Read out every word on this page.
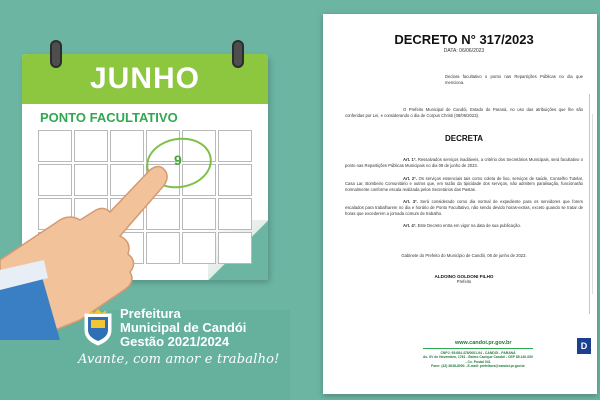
JUNHO
PONTO FACULTATIVO
9
Prefeitura
Municipal de Candói
Gestão 2021/2024
Avante, com amor e trabalho!
DECRETO N° 317/2023
DATA: 06/06/2023

Declara facultativo o ponto nas Repartições Públicas no dia que menciona.

O Prefeito Municipal de Candói, Estado do Paraná, no uso das atribuições que lhe são conferidas por Lei, e considerando o dia de Corpus Christi (08/06/2023).

DECRETA

Art. 1º. Ressalvados serviços inadiáveis, a critério dos Secretários Municipais, será facultativo o ponto nas Repartições Públicas Municipais no dia 09 de junho de 2023.

Art. 2º. Os serviços essenciais tais como coleta de lixo, serviços de saúde, Conselho Tutelar, Casa Lar, Bombeiro Comunitário e outros que, em razão da tipicidade dos serviços, não admitem paralisação, funcionarão normalmente conforme escala realizada pelos Secretários das Pastas.

Art. 3º. Será considerado como dia normal de expediente para os servidores que forem escalados para trabalharem no dia e horário de Ponto Facultativo, não sendo devido horas-extras, exceto quando se tratar de horas que excederem a jornada comum de trabalho.

Art. 4º. Este Decreto entra em vigor na data de sua publicação.

Gabinete do Prefeito do Município de Candói, 06 de junho de 2023.

ALDOINO GOLDONI FILHO
Prefeito
www.candoi.pr.gov.br
CNPJ: 95.684.478/0001-94 - CANDÓI - PARANÁ
Av. XV de Novembro, 1761 - Bairro Cacique Candói - CEP 85.140-000 - Cx. Postal 041
Fone: (42) 3638-8000 - E-mail: prefeitura@candoi.pr.gov.br
D
